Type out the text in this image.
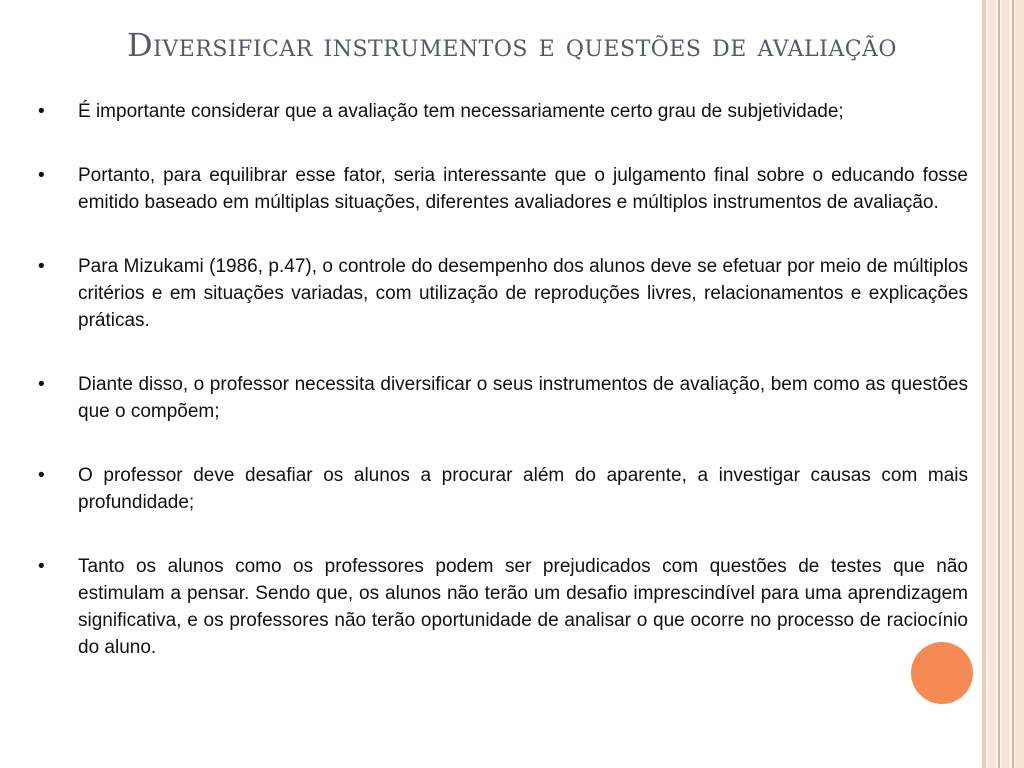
Diversificar instrumentos e questões de avaliação
•	É importante considerar que a avaliação tem necessariamente certo grau de subjetividade;
•	Portanto, para equilibrar esse fator, seria interessante que o julgamento final sobre o educando fosse emitido baseado em múltiplas situações, diferentes avaliadores e múltiplos instrumentos de avaliação.
•	Para Mizukami (1986, p.47), o controle do desempenho dos alunos deve se efetuar por meio de múltiplos critérios e em situações variadas, com utilização de reproduções livres, relacionamentos e explicações práticas.
•	Diante disso, o professor necessita diversificar o seus instrumentos de avaliação, bem como as questões que o compõem;
•	O professor deve desafiar os alunos a procurar além do aparente, a investigar causas com mais profundidade;
•	Tanto os alunos como os professores podem ser prejudicados com questões de testes que não estimulam a pensar. Sendo que, os alunos não terão um desafio imprescindível para uma aprendizagem significativa, e os professores não terão oportunidade de analisar o que ocorre no processo de raciocínio do aluno.
